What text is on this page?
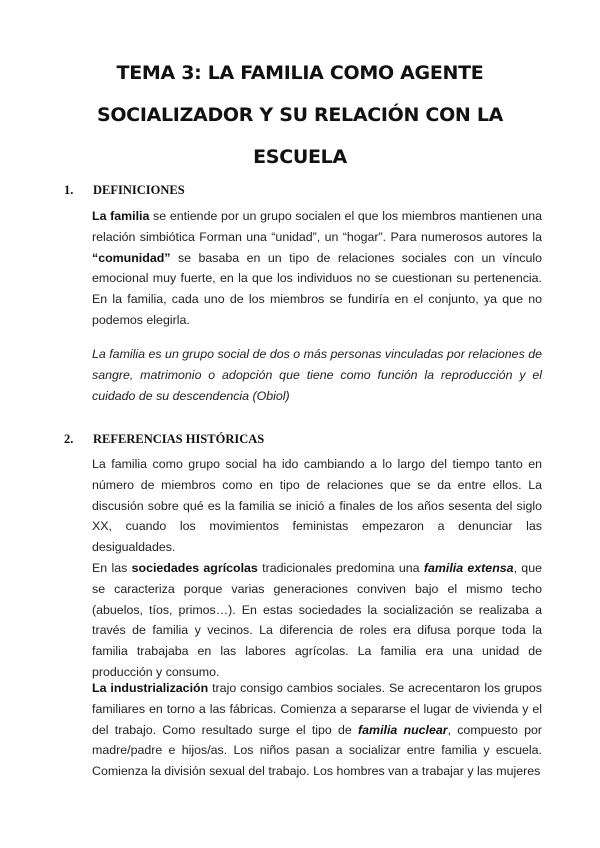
TEMA 3: LA FAMILIA COMO AGENTE
SOCIALIZADOR Y SU RELACIÓN CON LA
ESCUELA
1. DEFINICIONES

La familia se entiende por un grupo socialen el que los miembros mantienen una relación simbiótica Forman una “unidad”, un “hogar”. Para numerosos autores la “comunidad” se basaba en un tipo de relaciones sociales con un vínculo emocional muy fuerte, en la que los individuos no se cuestionan su pertenencia. En la familia, cada uno de los miembros se fundiría en el conjunto, ya que no podemos elegirla.

La familia es un grupo social de dos o más personas vinculadas por relaciones de sangre, matrimonio o adopción que tiene como función la reproducción y el cuidado de su descendencia (Obiol)

2. REFERENCIAS HISTÓRICAS

La familia como grupo social ha ido cambiando a lo largo del tiempo tanto en número de miembros como en tipo de relaciones que se da entre ellos. La discusión sobre qué es la familia se inició a finales de los años sesenta del siglo XX, cuando los movimientos feministas empezaron a denunciar las desigualdades.

En las sociedades agrícolas tradicionales predomina una familia extensa, que se caracteriza porque varias generaciones conviven bajo el mismo techo (abuelos, tíos, primos…). En estas sociedades la socialización se realizaba a través de familia y vecinos. La diferencia de roles era difusa porque toda la familia trabajaba en las labores agrícolas. La familia era una unidad de producción y consumo.

La industrialización trajo consigo cambios sociales. Se acrecentaron los grupos familiares en torno a las fábricas. Comienza a separarse el lugar de vivienda y el del trabajo. Como resultado surge el tipo de familia nuclear, compuesto por madre/padre e hijos/as. Los niños pasan a socializar entre familia y escuela. Comienza la división sexual del trabajo. Los hombres van a trabajar y las mujeres
